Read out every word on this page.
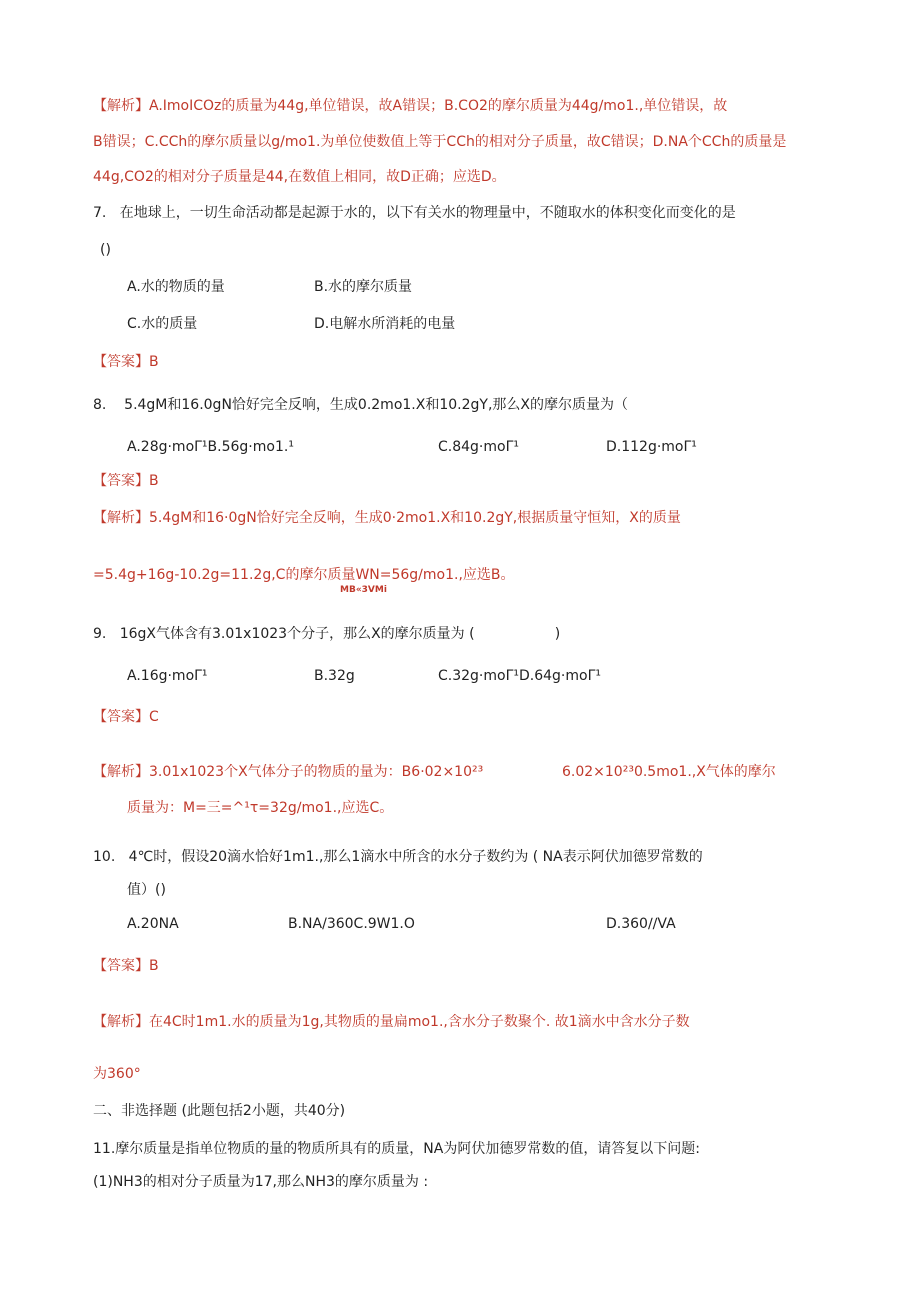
【解析】A.ImoICOz的质量为44g,单位错误，故A错误；B.CO2的摩尔质量为44g∕mo1.,单位错误，故
B错误；C.CCh的摩尔质量以g/mo1.为单位使数值上等于CCh的相对分子质量，故C错误；D.NA个CCh的质量是
44g,CO2的相对分子质量是44,在数值上相同，故D正确；应选D。
7.   在地球上，一切生命活动都是起源于水的，以下有关水的物理量中，不随取水的体积变化而变化的是
()
A.水的物质的量	B.水的摩尔质量
C.水的质量	D.电解水所消耗的电量
【答案】B
8.    5.4gM和16.0gN恰好完全反响，生成0.2mo1.X和10.2gY,那么X的摩尔质量为（
A.28g·moΓ¹B.56g·mo1.¹	C.84g·moΓ¹	D.112g·moΓ¹
【答案】B
【解析】5.4gM和16·0gN恰好完全反响，生成0·2mo1.X和10.2gY,根据质量守恒知，X的质量
=5.4g+16g-10.2g=11.2g,C的摩尔质量WN=56g∕mo1.,应选B。
MB«3VMi
9.   16gX气体含有3.01x1023个分子，那么X的摩尔质量为 (                  )
A.16g·moΓ¹	B.32g	C.32g·moΓ¹D.64g·moΓ¹
【答案】C
【解析】3.01x1023个X气体分子的物质的量为：B6·02×10²³	6.02×10²³0.5mo1.,X气体的摩尔
质量为：M=三=^¹τ=32g∕mo1.,应选C。
10.   4℃时，假设20滴水恰好1m1.,那么1滴水中所含的水分子数约为 ( NA表示阿伏加德罗常数的
值）()
A.20NA	B.NA/360C.9W1.O	D.360∕∕VA
【答案】B
【解析】在4C时1m1.水的质量为1g,其物质的量扁mo1.,含水分子数聚个. 故1滴水中含水分子数
为360°
二、非选择题 (此题包括2小题，共40分)
11.摩尔质量是指单位物质的量的物质所具有的质量，NA为阿伏加德罗常数的值，请答复以下问题:
(1)NH3的相对分子质量为17,那么NH3的摩尔质量为 :
